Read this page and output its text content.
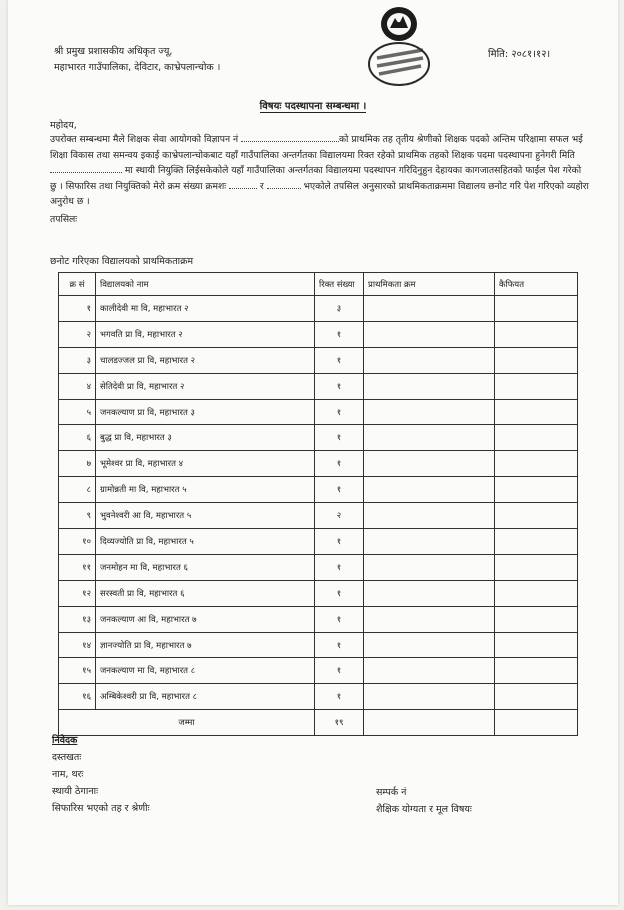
श्री प्रमुख प्रशासकीय अधिकृत ज्यू,
महाभारत गाउँपालिका, देविटार, काभ्रेपलान्चोक ।
मिति: २०८१।१२।
विषयः पदस्थापना सम्बन्धमा ।
महोदय,

उपरोक्त सम्बन्धमा मैले शिक्षक सेवा आयोगको विज्ञापन नं	को प्राथमिक तह तृतीय श्रेणीको शिक्षक पदको अन्तिम परिक्षामा सफल भई शिक्षा विकास तथा समन्वय इकाई काभ्रेपलान्चोकबाट यहाँ गाउँपालिका अन्तर्गतका विद्यालयमा रिक्त रहेको प्राथमिक तहको शिक्षक पदमा पदस्थापना हुनेगरी मिति  मा स्थायी नियुक्ति लिईसकेकोले यहाँ गाउँपालिका अन्तर्गतका विद्यालयमा पदस्थापन गरिदिनुहुन देहायका कागजातसहितको फाईल पेश गरेको छु । सिफारिस तथा नियुक्तिको मेरो क्रम संख्या क्रमशः	र	भएकोले तपसिल अनुसारको प्राथमिकताक्रममा विद्यालय छनोट गरि पेश गरिएको व्यहोरा अनुरोध छ ।

तपसिलः

छनोट गरिएका विद्यालयको प्राथमिकताक्रम
क्र सं	विद्यालयको नाम	रिक्त संख्या	प्राथमिकता क्रम	कैफियत
१	कालीदेवी मा वि, महाभारत २	३		
२	भगवति प्रा वि, महाभारत २	१		
३	चालडज्जल प्रा वि, महाभारत २	१		
४	सेतिदेवी प्रा वि, महाभारत २	१		
५	जनकल्याण प्रा वि, महाभारत ३	१		
६	बुद्ध प्रा वि, महाभारत ३	१		
७	भूमेश्वर प्रा वि, महाभारत ४	१		
८	ग्रामोन्नती मा वि, महाभारत ५	१		
९	भुवनेश्वरी आ वि, महाभारत ५	२		
१०	दिव्यज्योति प्रा वि, महाभारत ५	१		
११	जनमोहन मा वि, महाभारत ६	१		
१२	सरस्वती प्रा वि, महाभारत ६	१		
१३	जनकल्याण आ वि, महाभारत ७	१		
१४	ज्ञानज्योति प्रा वि, महाभारत ७	१		
१५	जनकल्याण मा वि, महाभारत ८	१		
१६	अम्बिकेश्वरी प्रा वि, महाभारत ८	१		
जम्मा		१९		
निवेदक
दस्तखतः
नाम, थरः
स्थायी ठेगानाः
सिफारिस भएको तह र श्रेणीः
सम्पर्क नं
शैक्षिक योग्यता र मूल विषयः
